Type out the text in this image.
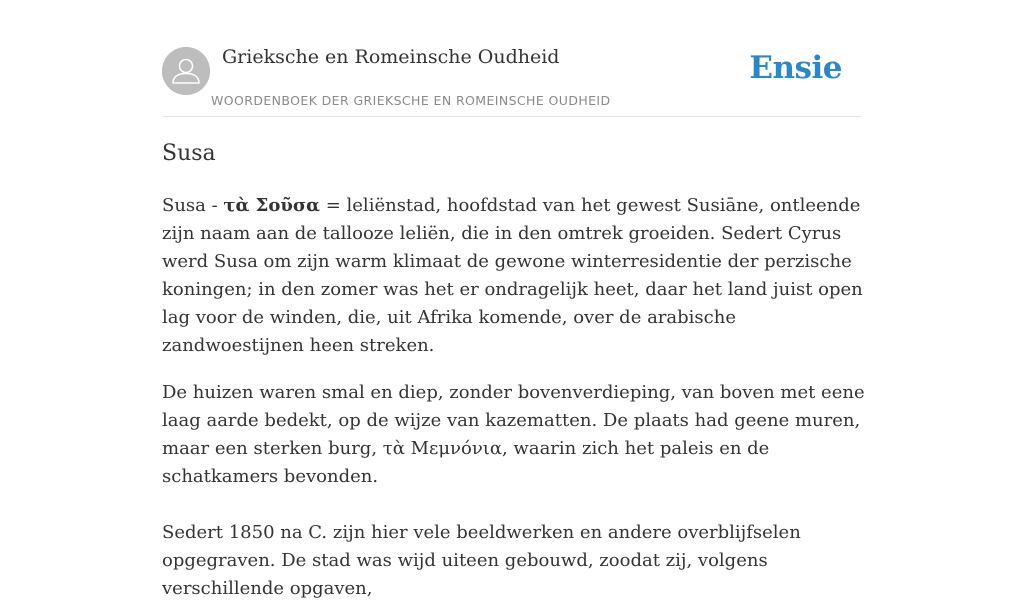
Grieksche en Romeinsche Oudheid
WOORDENBOEK DER GRIEKSCHE EN ROMEINSCHE OUDHEID
Ensie
Susa

Susa - τὰ Σοῦσα = leliënstad, hoofdstad van het gewest Susiāne, ontleende zijn naam aan de tallooze leliën, die in den omtrek groeiden. Sedert Cyrus werd Susa om zijn warm klimaat de gewone winterresidentie der perzische koningen; in den zomer was het er ondragelijk heet, daar het land juist open lag voor de winden, die, uit Afrika komende, over de arabische zandwoestijnen heen streken.

De huizen waren smal en diep, zonder bovenverdieping, van boven met eene laag aarde bedekt, op de wijze van kazematten. De plaats had geene muren, maar een sterken burg, τὰ Μεμνόνια, waarin zich het paleis en de schatkamers bevonden.

Sedert 1850 na C. zijn hier vele beeldwerken en andere overblijfselen opgegraven. De stad was wijd uiteen gebouwd, zoodat zij, volgens verschillende opgaven,
